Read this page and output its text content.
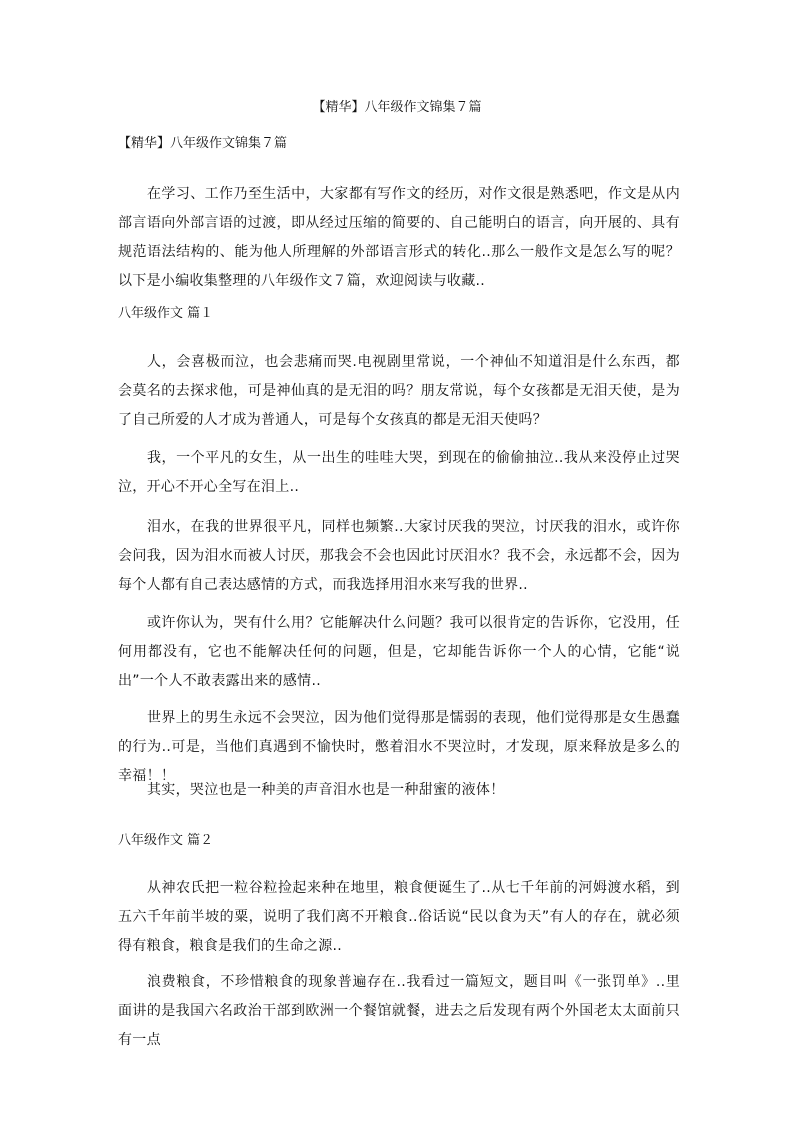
【精华】八年级作文锦集７篇
【精华】八年级作文锦集７篇

在学习、工作乃至生活中，大家都有写作文的经历，对作文很是熟悉吧，作文是从内部言语向外部言语的过渡，即从经过压缩的简要的、自己能明白的语言，向开展的、具有规范语法结构的、能为他人所理解的外部语言形式的转化..那么一般作文是怎么写的呢？以下是小编收集整理的八年级作文７篇，欢迎阅读与收藏..

八年级作文 篇１

人，会喜极而泣，也会悲痛而哭.电视剧里常说，一个神仙不知道泪是什么东西，都会莫名的去探求他，可是神仙真的是无泪的吗？朋友常说，每个女孩都是无泪天使，是为了自己所爱的人才成为普通人，可是每个女孩真的都是无泪天使吗？

我，一个平凡的女生，从一出生的哇哇大哭，到现在的偷偷抽泣..我从来没停止过哭泣，开心不开心全写在泪上..

泪水，在我的世界很平凡，同样也频繁..大家讨厌我的哭泣，讨厌我的泪水，或许你会问我，因为泪水而被人讨厌，那我会不会也因此讨厌泪水？我不会，永远都不会，因为每个人都有自己表达感情的方式，而我选择用泪水来写我的世界..

或许你认为，哭有什么用？它能解决什么问题？我可以很肯定的告诉你，它没用，任何用都没有，它也不能解决任何的问题，但是，它却能告诉你一个人的心情，它能“说出”一个人不敢表露出来的感情..

世界上的男生永远不会哭泣，因为他们觉得那是懦弱的表现，他们觉得那是女生愚蠢的行为..可是，当他们真遇到不愉快时，憋着泪水不哭泣时，才发现，原来释放是多么的幸福！！

其实，哭泣也是一种美的声音泪水也是一种甜蜜的液体！

八年级作文 篇２

从神农氏把一粒谷粒捡起来种在地里，粮食便诞生了..从七千年前的河姆渡水稻，到五六千年前半坡的粟，说明了我们离不开粮食..俗话说“民以食为天”有人的存在，就必须得有粮食，粮食是我们的生命之源..

浪费粮食，不珍惜粮食的现象普遍存在..我看过一篇短文，题目叫《一张罚单》..里面讲的是我国六名政治干部到欧洲一个餐馆就餐，进去之后发现有两个外国老太太面前只有一点
